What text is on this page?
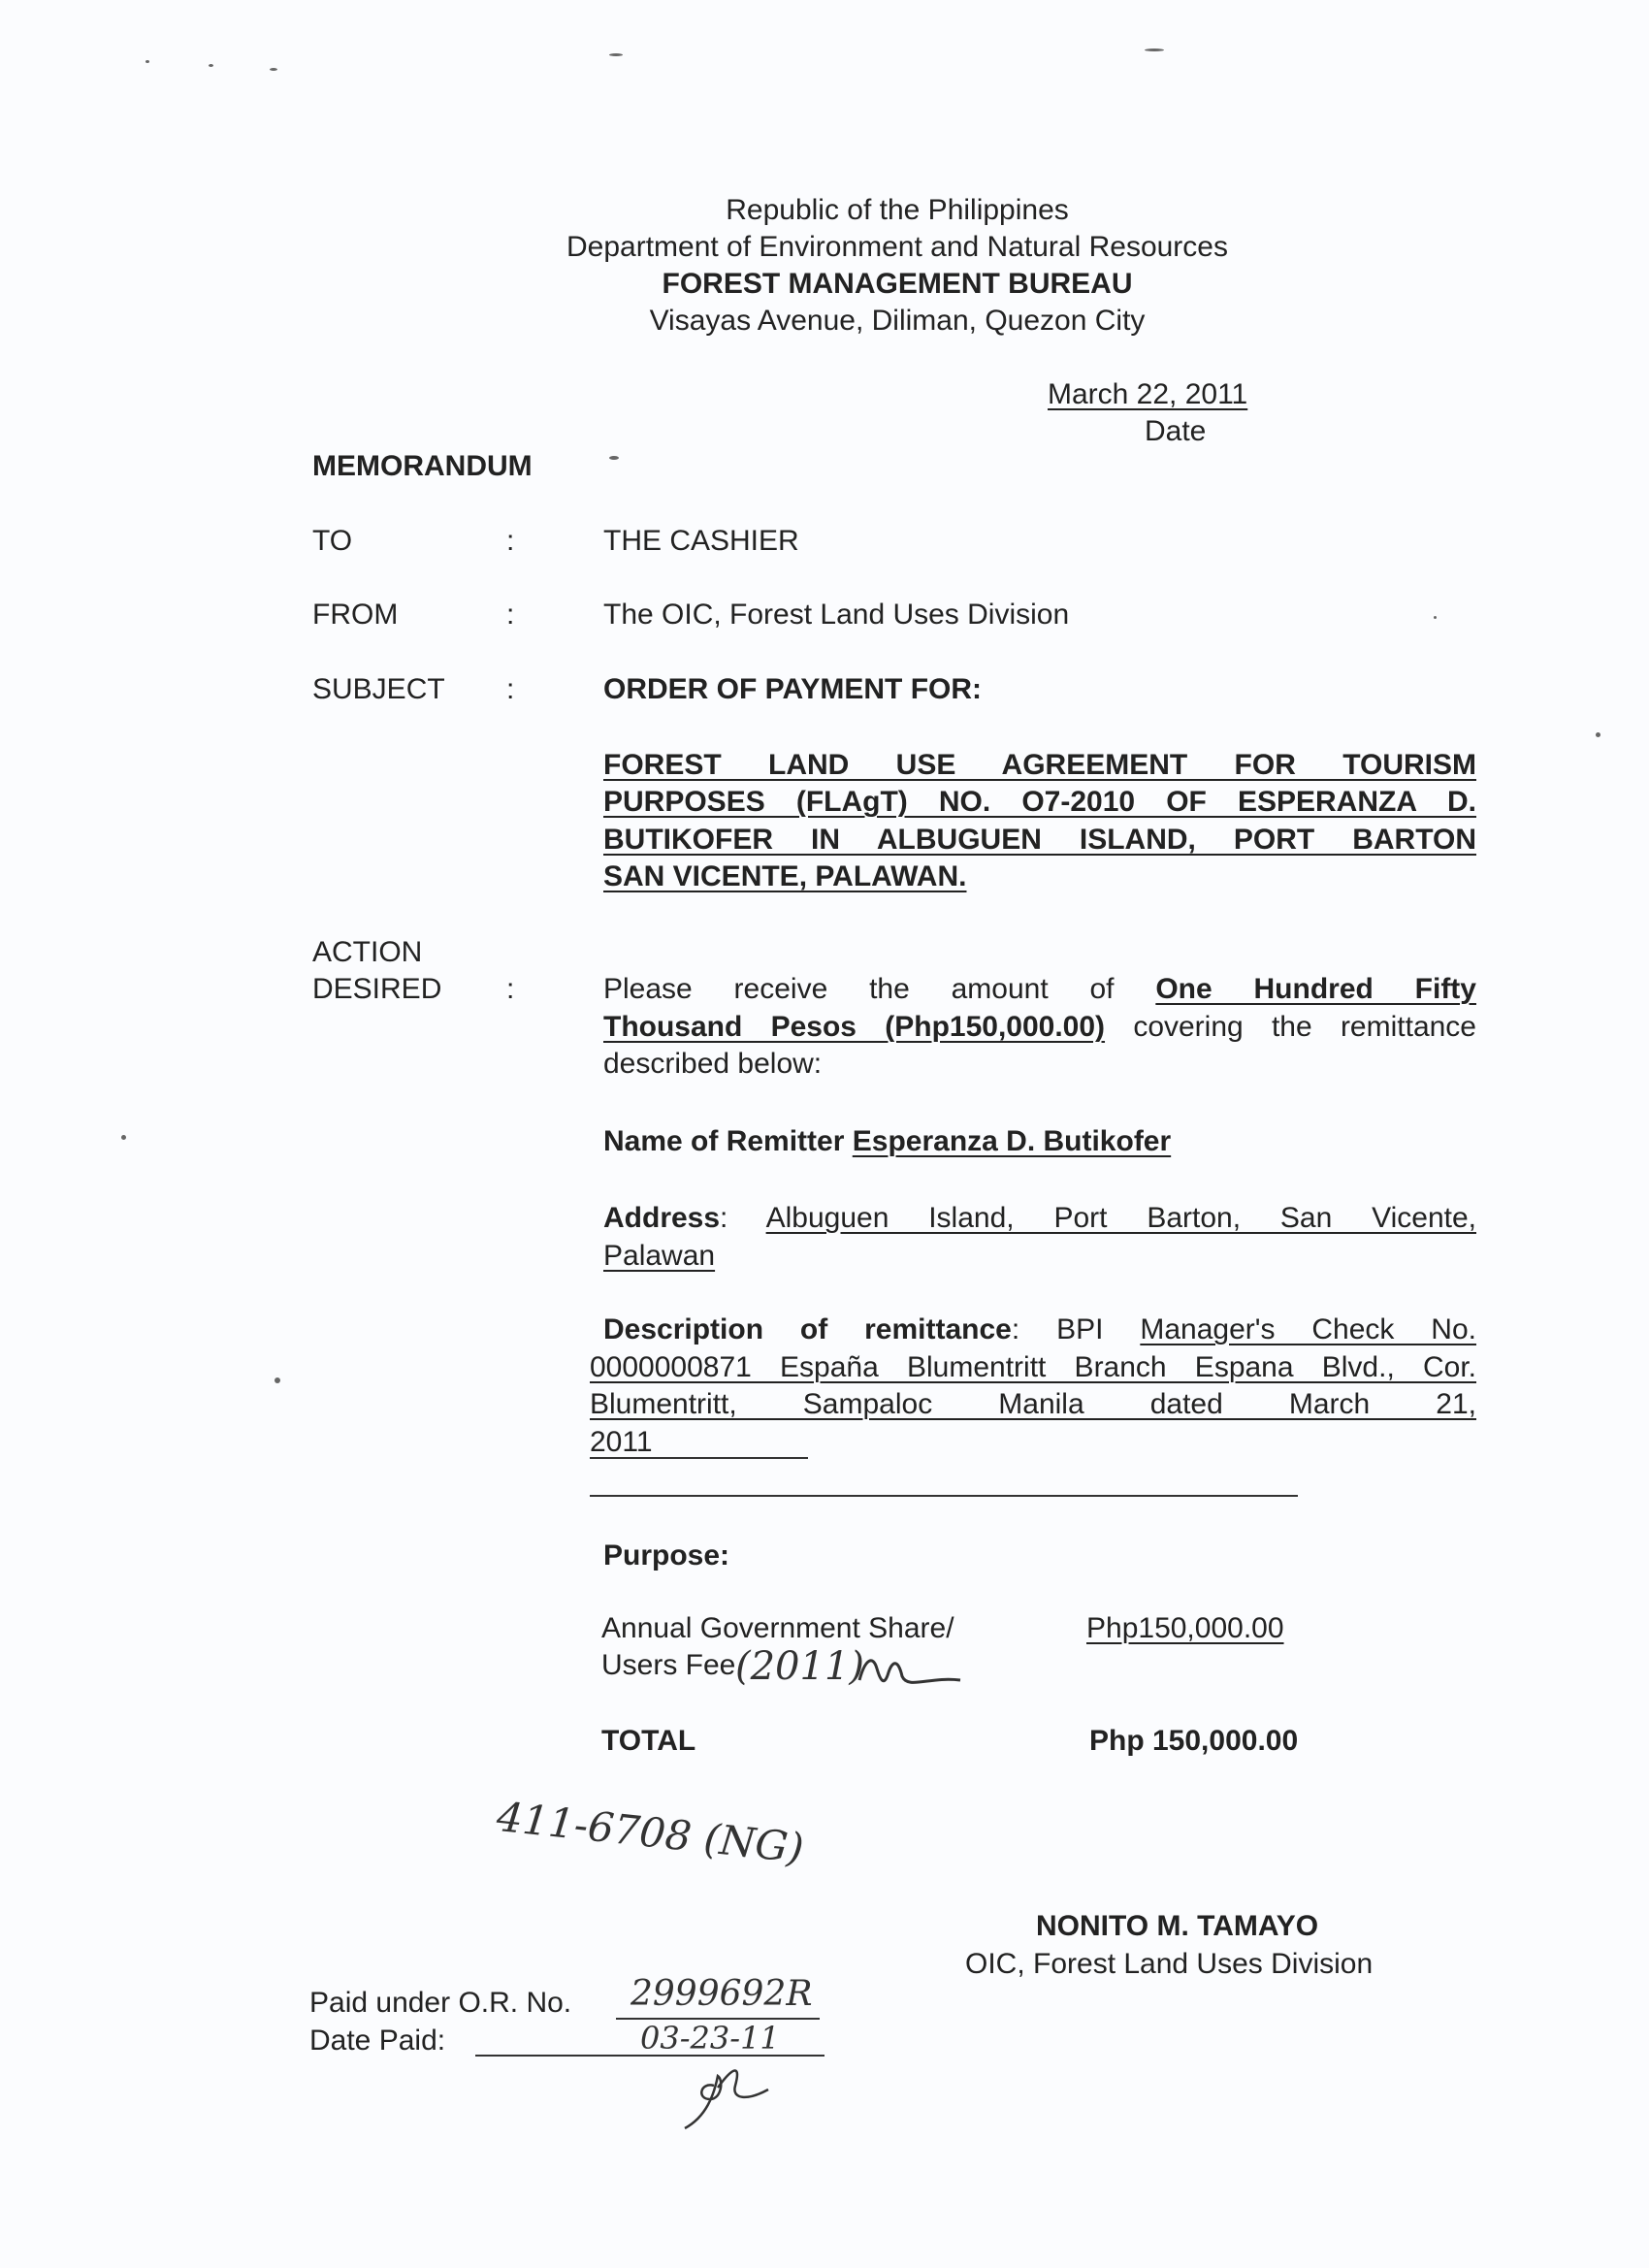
Republic of the Philippines
Department of Environment and Natural Resources
FOREST MANAGEMENT BUREAU
Visayas Avenue, Diliman, Quezon City
March 22, 2011
Date
MEMORANDUM
TO	:	THE CASHIER
FROM	:	The OIC, Forest Land Uses Division
SUBJECT :	ORDER OF PAYMENT FOR:
FOREST LAND USE AGREEMENT FOR TOURISM
PURPOSES (FLAgT) NO. O7-2010 OF ESPERANZA D.
BUTIKOFER IN ALBUGUEN ISLAND, PORT BARTON
SAN VICENTE, PALAWAN.
ACTION
DESIRED :	Please receive the amount of One Hundred Fifty
Thousand Pesos (Php150,000.00) covering the remittance
described below:
Name of Remitter Esperanza D. Butikofer
Address: Albuguen Island, Port Barton, San Vicente,
Palawan
Description of remittance: BPI Manager's Check No.
0000000871 España Blumentritt Branch Espana Blvd., Cor.
Blumentritt, Sampaloc Manila dated March 21,
2011
Purpose:
Annual Government Share/
Users Fee
Php150,000.00
TOTAL	Php 150,000.00
(2011)
411-6708 (NG)
NONITO M. TAMAYO
OIC, Forest Land Uses Division
Paid under O.R. No. 2999692R
Date Paid:	03-23-11
